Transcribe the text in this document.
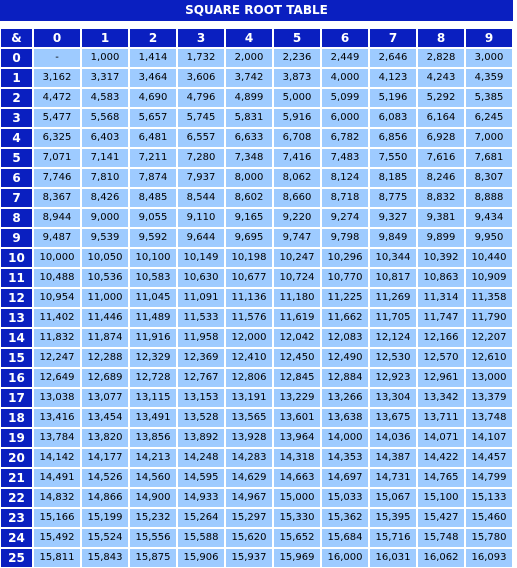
SQUARE ROOT TABLE
&	0	1	2	3	4	5	6	7	8	9
0	-	1,000	1,414	1,732	2,000	2,236	2,449	2,646	2,828	3,000
1	3,162	3,317	3,464	3,606	3,742	3,873	4,000	4,123	4,243	4,359
2	4,472	4,583	4,690	4,796	4,899	5,000	5,099	5,196	5,292	5,385
3	5,477	5,568	5,657	5,745	5,831	5,916	6,000	6,083	6,164	6,245
4	6,325	6,403	6,481	6,557	6,633	6,708	6,782	6,856	6,928	7,000
5	7,071	7,141	7,211	7,280	7,348	7,416	7,483	7,550	7,616	7,681
6	7,746	7,810	7,874	7,937	8,000	8,062	8,124	8,185	8,246	8,307
7	8,367	8,426	8,485	8,544	8,602	8,660	8,718	8,775	8,832	8,888
8	8,944	9,000	9,055	9,110	9,165	9,220	9,274	9,327	9,381	9,434
9	9,487	9,539	9,592	9,644	9,695	9,747	9,798	9,849	9,899	9,950
10	10,000	10,050	10,100	10,149	10,198	10,247	10,296	10,344	10,392	10,440
11	10,488	10,536	10,583	10,630	10,677	10,724	10,770	10,817	10,863	10,909
12	10,954	11,000	11,045	11,091	11,136	11,180	11,225	11,269	11,314	11,358
13	11,402	11,446	11,489	11,533	11,576	11,619	11,662	11,705	11,747	11,790
14	11,832	11,874	11,916	11,958	12,000	12,042	12,083	12,124	12,166	12,207
15	12,247	12,288	12,329	12,369	12,410	12,450	12,490	12,530	12,570	12,610
16	12,649	12,689	12,728	12,767	12,806	12,845	12,884	12,923	12,961	13,000
17	13,038	13,077	13,115	13,153	13,191	13,229	13,266	13,304	13,342	13,379
18	13,416	13,454	13,491	13,528	13,565	13,601	13,638	13,675	13,711	13,748
19	13,784	13,820	13,856	13,892	13,928	13,964	14,000	14,036	14,071	14,107
20	14,142	14,177	14,213	14,248	14,283	14,318	14,353	14,387	14,422	14,457
21	14,491	14,526	14,560	14,595	14,629	14,663	14,697	14,731	14,765	14,799
22	14,832	14,866	14,900	14,933	14,967	15,000	15,033	15,067	15,100	15,133
23	15,166	15,199	15,232	15,264	15,297	15,330	15,362	15,395	15,427	15,460
24	15,492	15,524	15,556	15,588	15,620	15,652	15,684	15,716	15,748	15,780
25	15,811	15,843	15,875	15,906	15,937	15,969	16,000	16,031	16,062	16,093
